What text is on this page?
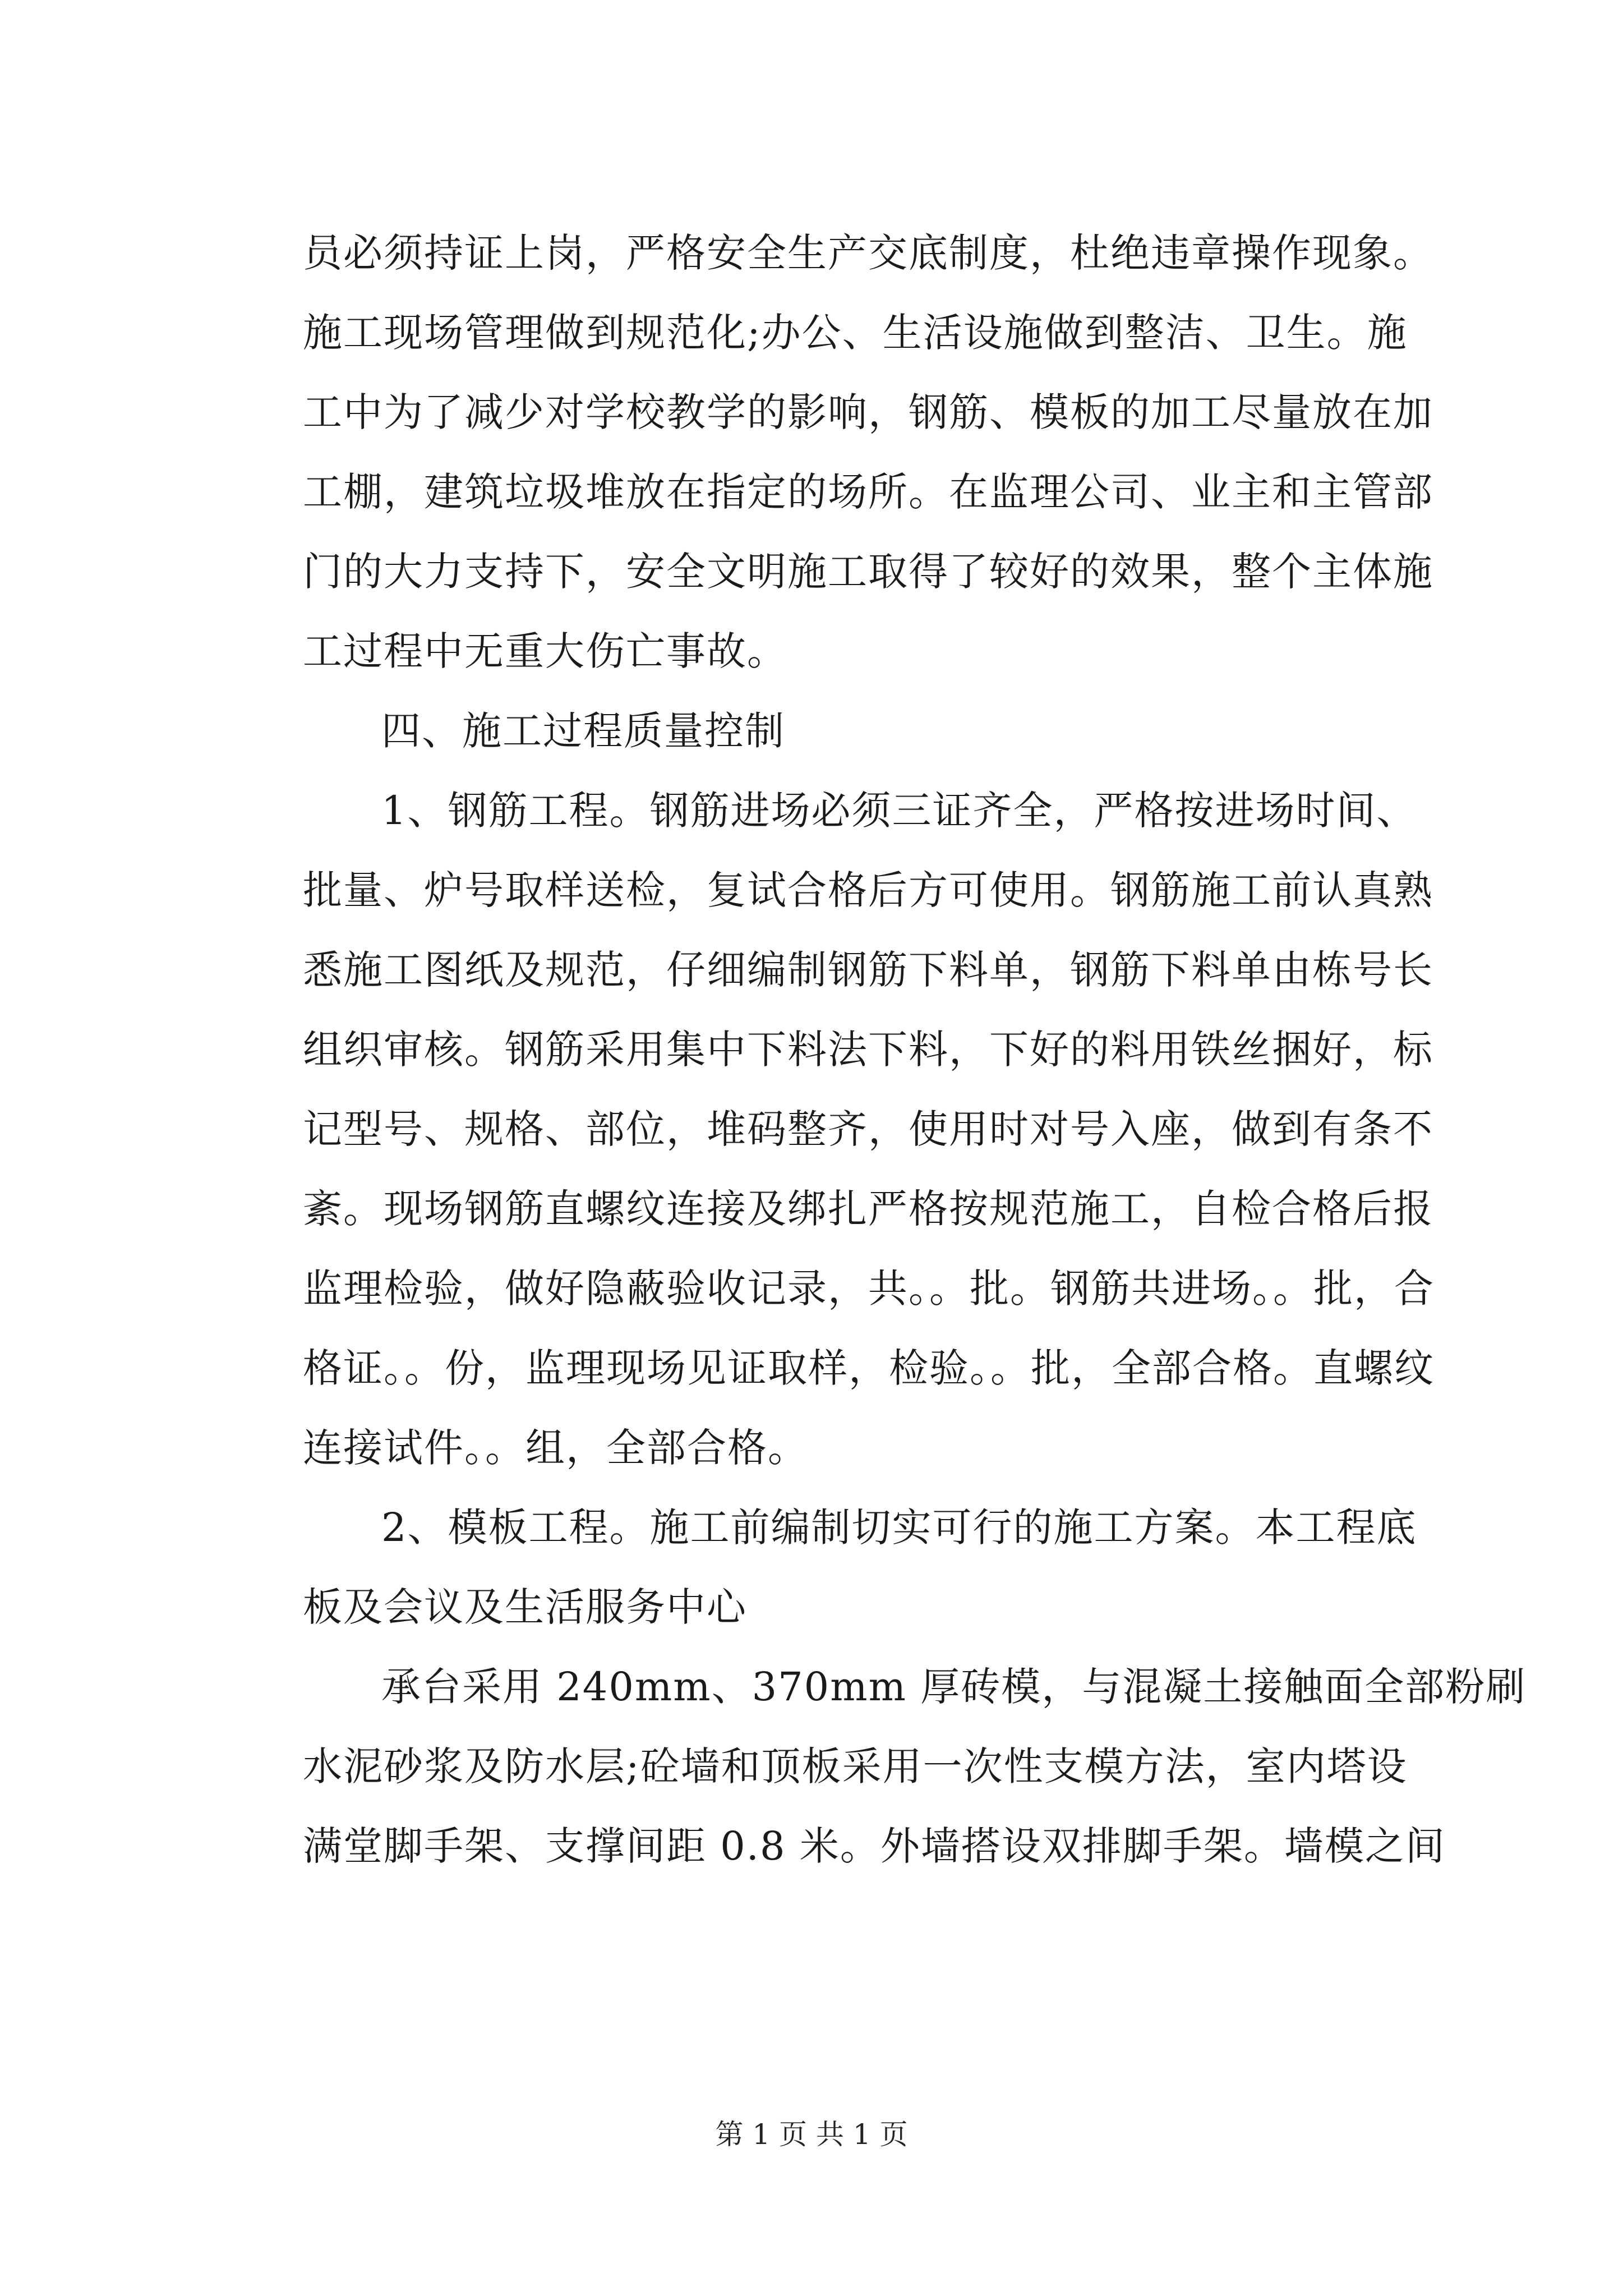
员必须持证上岗，严格安全生产交底制度，杜绝违章操作现象。
施工现场管理做到规范化;办公、生活设施做到整洁、卫生。施
工中为了减少对学校教学的影响，钢筋、模板的加工尽量放在加
工棚，建筑垃圾堆放在指定的场所。在监理公司、业主和主管部
门的大力支持下，安全文明施工取得了较好的效果，整个主体施
工过程中无重大伤亡事故。
四、施工过程质量控制
1、钢筋工程。钢筋进场必须三证齐全，严格按进场时间、
批量、炉号取样送检，复试合格后方可使用。钢筋施工前认真熟
悉施工图纸及规范，仔细编制钢筋下料单，钢筋下料单由栋号长
组织审核。钢筋采用集中下料法下料，下好的料用铁丝捆好，标
记型号、规格、部位，堆码整齐，使用时对号入座，做到有条不
紊。现场钢筋直螺纹连接及绑扎严格按规范施工，自检合格后报
监理检验，做好隐蔽验收记录，共。。批。钢筋共进场。。批，合
格证。。份，监理现场见证取样，检验。。批，全部合格。直螺纹
连接试件。。组，全部合格。
2、模板工程。施工前编制切实可行的施工方案。本工程底
板及会议及生活服务中心
承台采用 240mm、370mm 厚砖模，与混凝土接触面全部粉刷
水泥砂浆及防水层;砼墙和顶板采用一次性支模方法，室内塔设
满堂脚手架、支撑间距 0.8 米。外墙搭设双排脚手架。墙模之间
第 1 页 共 1 页
